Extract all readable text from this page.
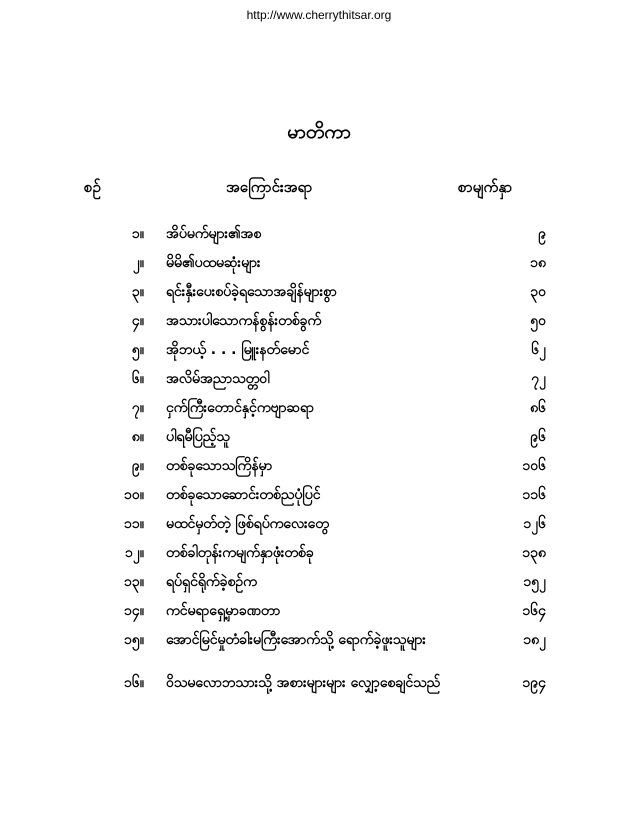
http://www.cherrythitsar.org
မာတိကာ
စဉ်	အကြောင်းအရာ	စာမျက်နှာ
၁။ အိပ်မက်များ၏အစ	၉
၂။ မိမိ၏ပထမဆုံးများ	၁၈
၃။ ရင်းနှီးပေးစပ်ခဲ့ရသောအချိန်များစွာ	၃၀
၄။ အသားပါသောကန်စွန်းတစ်ခွက်	၅၀
၅။ အိုဘယ့် . . . မြူးနတ်မောင်	၆၂
၆။ အလိမ်အညာသတ္တဝါ	၇၂
၇။ ငှက်ကြီးတောင်နှင့်ကဗျာဆရာ	၈၆
၈။ ပါရမီပြည့်သူ	၉၆
၉။ တစ်ခုသောသကြိန်မှာ	၁၀၆
၁၀။ တစ်ခုသောဆောင်းတစ်ညပုံပြင်	၁၁၆
၁၁။ မထင်မှတ်တဲ့ ဖြစ်ရပ်ကလေးတွေ	၁၂၆
၁၂။ တစ်ခါတုန်းကမျက်နှာဖုံးတစ်ခု	၁၃၈
၁၃။ ရပ်ရှင်ရိုက်ခဲ့စဉ်က	၁၅၂
၁၄။ ကင်မရာရှေ့မှာခဏတာ	၁၆၄
၁၅။ အောင်မြင်မှုတံခါးမကြီးအောက်သို့ ရောက်ခဲ့ဖူးသူများ	၁၈၂
၁၆။ ဝိသမလောဘသားသို့ အစားများများ လျှော့စေချင်သည်	၁၉၄
